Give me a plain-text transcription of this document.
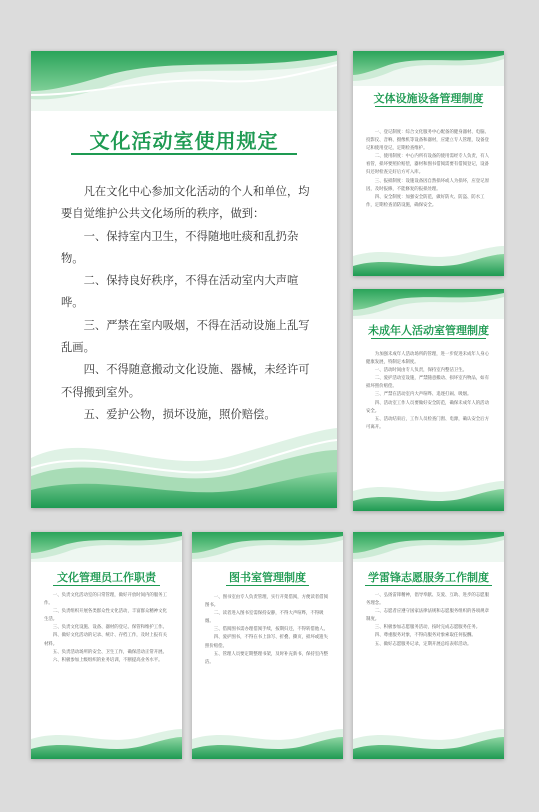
文化活动室使用规定

凡在文化中心参加文化活动的个人和单位，均要自觉维护公共文化场所的秩序，做到：

一、保持室内卫生，不得随地吐痰和乱扔杂物。

二、保持良好秩序，不得在活动室内大声喧哗。

三、严禁在室内吸烟，不得在活动设施上乱写乱画。

四、不得随意搬动文化设施、器械，未经许可不得搬到室外。

五、爱护公物，损坏设施，照价赔偿。

文体设施设备管理制度

一、登记制度：综合文化服务中心配备的健身器材、电脑、投影仪、音响、摄像机等设备和器材，应建立专人管理，设备登记和使用登记，定期检查维护。

二、使用制度：中心内所有设备的使用需经专人负责，有人看管，损坏要照价赔偿，器材和图书借阅需要有借阅登记，设备归还时检查完好后方可入库。

三、报损制度：设施设备因自然损坏或人为损坏，应登记原因，及时报修，不能修复的报损处理。

四、安全制度：加强安全防范，做好防火、防盗、防水工作，定期检查消防设施，确保安全。

未成年人活动室管理制度

为加强未成年人活动场所的管理，进一步促进未成年人身心健康发展，特制定本制度。

一、活动时间由专人负责，保持室内整洁卫生。

二、爱护活动室设施，严禁随意搬动、损坏室内物品，如有损坏照价赔偿。

三、严禁在活动室内大声喧哗、追逐打闹、吸烟。

四、活动室工作人员要做好安全防范，确保未成年人的活动安全。

五、活动结束后，工作人员检查门窗、电源，确认安全后方可离开。

文化管理员工作职责

一、负责文化活动室的日常管理，做好开放时间内的服务工作。

二、负责组织开展各类群众性文化活动，丰富群众精神文化生活。

三、负责文化设施、设备、器材的登记、保管和维护工作。

四、做好文化活动的记录、统计、存档工作，及时上报有关材料。

五、负责活动场所的安全、卫生工作，确保活动正常开展。

六、积极参加上级组织的业务培训，不断提高业务水平。

图书室管理制度

一、图书室由专人负责管理，实行开架借阅，方便读者借阅图书。

二、读者进入图书室需保持安静，不得大声喧哗，不得吸烟。

三、借阅图书需办理借阅手续，按期归还，不得转借他人。

四、爱护图书，不得在书上涂写、折叠、撕页，损坏或遗失照价赔偿。

五、管理人员要定期整理书架，及时补充新书，保持室内整洁。

学雷锋志愿服务工作制度

一、弘扬雷锋精神，倡导奉献、友爱、互助、进步的志愿服务理念。

二、志愿者应遵守国家法律法规和志愿服务组织的各项规章制度。

三、积极参加志愿服务活动，按时完成志愿服务任务。

四、尊重服务对象，不得向服务对象索取任何报酬。

五、做好志愿服务记录，定期开展总结表彰活动。
